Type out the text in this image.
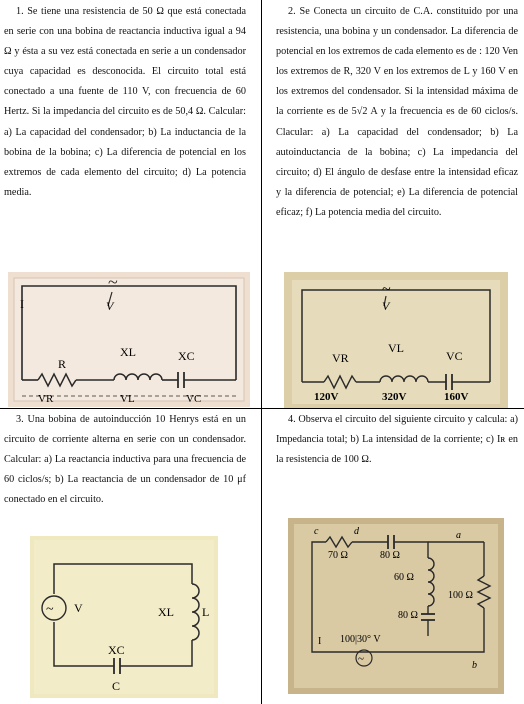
1. Se tiene una resistencia de 50 Ω que está conectada en serie con una bobina de reactancia inductiva igual a 94 Ω y ésta a su vez está conectada en serie a un condensador cuya capacidad es desconocida. El circuito total está conectado a una fuente de 110 V, con frecuencia de 60 Hertz. Si la impedancia del circuito es de 50,4 Ω. Calcular: a) La capacidad del condensador; b) La inductancia de la bobina de la bobina; c) La diferencia de potencial en los extremos de cada elemento del circuito; d) La potencia media.

2. Se Conecta un circuito de C.A. constituido por una resistencia, una bobina y un condensador. La diferencia de potencial en los extremos de cada elemento es de : 120 Ven los extremos de R, 320 V en los extremos de L y 160 V en los extremos del condensador. Si la intensidad máxima de la corriente es de 5√2 A y la frecuencia es de 60 ciclos/s. Clacular: a) La capacidad del condensador; b) La autoinductancia de la bobina; c) La impedancia del circuito; d) El ángulo de desfase entre la intensidad eficaz y la diferencia de potencial; e) La diferencia de potencial eficaz; f) La potencia media del circuito.

3. Una bobina de autoinducción 10 Henrys está en un circuito de corriente alterna en serie con un condensador. Calcular: a) La reactancia inductiva para una frecuencia de 60 ciclos/s; b) La reactancia de un condensador de 10 μf conectado en el circuito.

4. Observa el circuito del siguiente circuito y calcula: a) Impedancia total; b) La intensidad de la corriente; c) Iʀ en la resistencia de 100 Ω.

~
V
I
R
XL	XC
VR	VL	VC
~
V
VR
VL
VC
120V	320V	160V
~ V	XL L
XC
C
c	d
70 Ω	80 Ω
a
60 Ω
80 Ω
100 Ω
b
I 100|30° V
~
